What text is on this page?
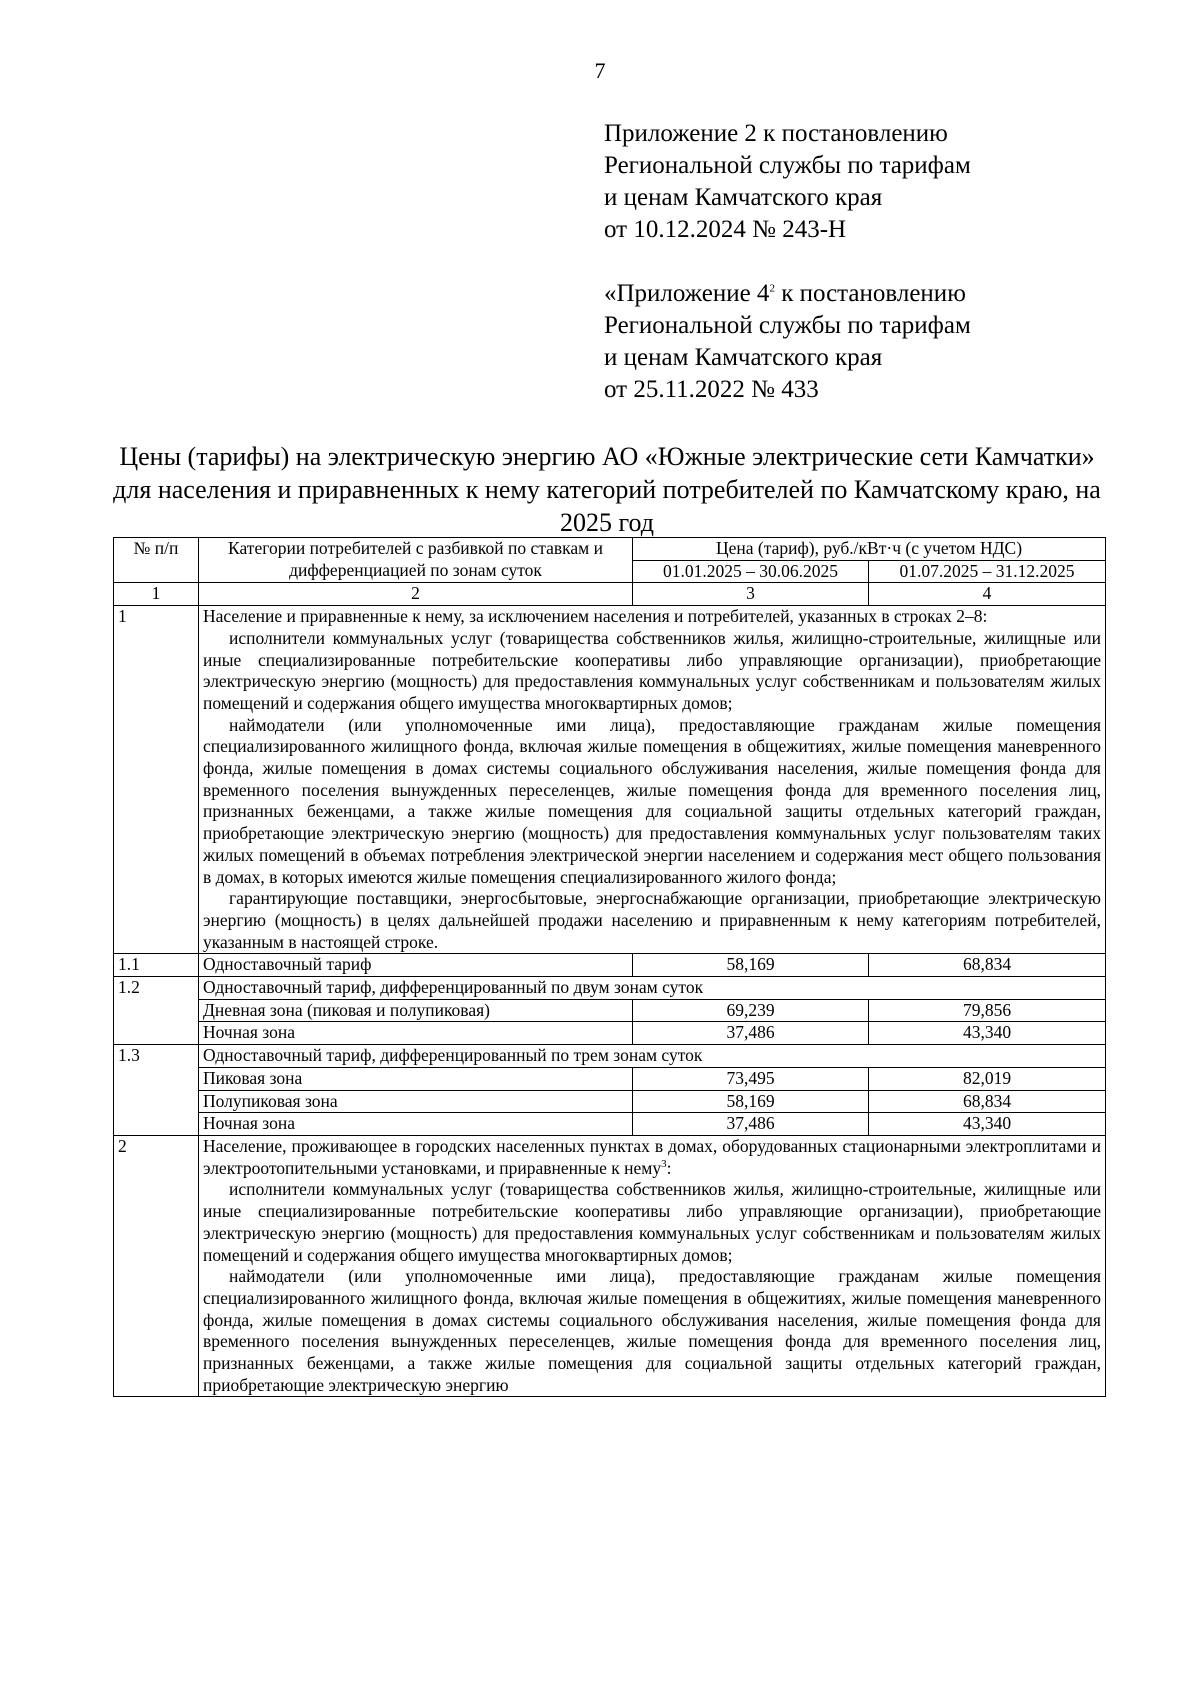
7

Приложение 2 к постановлению

Региональной службы по тарифам

и ценам Камчатского края

от 10.12.2024 № 243-Н

«Приложение $4^2$ к постановлению

Региональной службы по тарифам

и ценам Камчатского края

от 25.11.2022 № 433

Цены (тарифы) на электрическую энергию АО «Южные электрические сети Камчатки» для населения и приравненных к нему категорий потребителей по Камчатскому краю, на 2025 год
№ п/п	Категории потребителей с разбивкой по ставкам и дифференциацией по зонам суток	Цена (тариф), руб./кВт·ч (с учетом НДС)	
		01.01.2025 – 30.06.2025	01.07.2025 – 31.12.2025
1	2	3	4
1	Население и приравненные к нему, за исключением населения и потребителей, указанных в строках 2–8:

исполнители коммунальных услуг (товарищества собственников жилья, жилищно-строительные, жилищные или иные специализированные потребительские кооперативы либо управляющие организации), приобретающие электрическую энергию (мощность) для предоставления коммунальных услуг собственникам и пользователям жилых помещений и содержания общего имущества многоквартирных домов;

наймодатели (или уполномоченные ими лица), предоставляющие гражданам жилые помещения специализированного жилищного фонда, включая жилые помещения в общежитиях, жилые помещения маневренного фонда, жилые помещения в домах системы социального обслуживания населения, жилые помещения фонда для временного поселения вынужденных переселенцев, жилые помещения фонда для временного поселения лиц, признанных беженцами, а также жилые помещения для социальной защиты отдельных категорий граждан, приобретающие электрическую энергию (мощность) для предоставления коммунальных услуг пользователям таких жилых помещений в объемах потребления электрической энергии населением и содержания мест общего пользования в домах, в которых имеются жилые помещения специализированного жилого фонда;

гарантирующие поставщики, энергосбытовые, энергоснабжающие организации, приобретающие электрическую энергию (мощность) в целях дальнейшей продажи населению и приравненным к нему категориям потребителей, указанным в настоящей строке.		

1.1	Одноставочный тариф	58,169	68,834
1.2	Одноставочный тариф, дифференцированный по двум зонам суток		
	Дневная зона (пиковая и полупиковая)	69,239	79,856
	Ночная зона	37,486	43,340
1.3	Одноставочный тариф, дифференцированный по трем зонам суток		
	Пиковая зона	73,495	82,019
	Полупиковая зона	58,169	68,834
	Ночная зона	37,486	43,340
2	Население, проживающее в городских населенных пунктах в домах, оборудованных стационарными электроплитами и электроотопительными установками, и приравненные к нему$^3$:

исполнители коммунальных услуг (товарищества собственников жилья, жилищно-строительные, жилищные или иные специализированные потребительские кооперативы либо управляющие организации), приобретающие электрическую энергию (мощность) для предоставления коммунальных услуг собственникам и пользователям жилых помещений и содержания общего имущества многоквартирных домов;

наймодатели (или уполномоченные ими лица), предоставляющие гражданам жилые помещения специализированного жилищного фонда, включая жилые помещения в общежитиях, жилые помещения маневренного фонда, жилые помещения в домах системы социального обслуживания населения, жилые помещения фонда для временного поселения вынужденных переселенцев, жилые помещения фонда для временного поселения лиц, признанных беженцами, а также жилые помещения для социальной защиты отдельных категорий граждан, приобретающие электрическую энергию		
